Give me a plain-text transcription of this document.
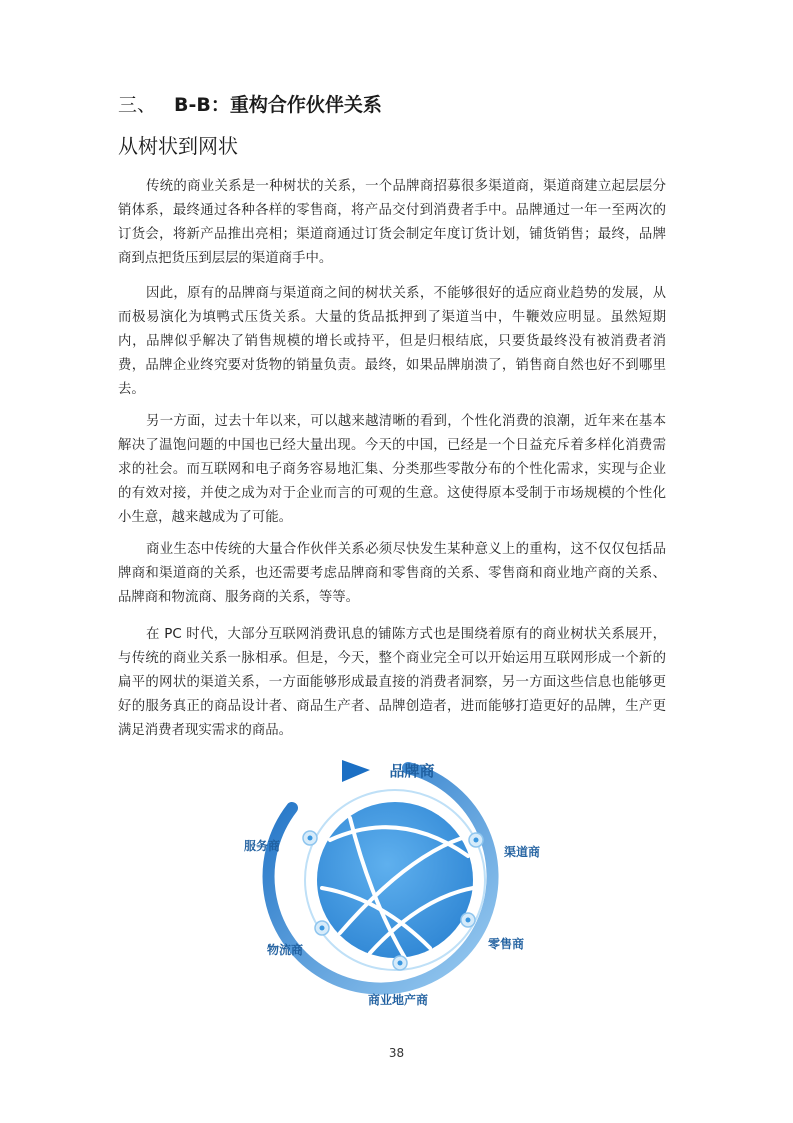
三、 B-B：重构合作伙伴关系
从树状到网状

传统的商业关系是一种树状的关系，一个品牌商招募很多渠道商，渠道商建立起层层分销体系，最终通过各种各样的零售商，将产品交付到消费者手中。品牌通过一年一至两次的订货会，将新产品推出亮相；渠道商通过订货会制定年度订货计划，铺货销售；最终，品牌商到点把货压到层层的渠道商手中。

因此，原有的品牌商与渠道商之间的树状关系，不能够很好的适应商业趋势的发展，从而极易演化为填鸭式压货关系。大量的货品抵押到了渠道当中，牛鞭效应明显。虽然短期内，品牌似乎解决了销售规模的增长或持平，但是归根结底，只要货最终没有被消费者消费，品牌企业终究要对货物的销量负责。最终，如果品牌崩溃了，销售商自然也好不到哪里去。

另一方面，过去十年以来，可以越来越清晰的看到，个性化消费的浪潮，近年来在基本解决了温饱问题的中国也已经大量出现。今天的中国，已经是一个日益充斥着多样化消费需求的社会。而互联网和电子商务容易地汇集、分类那些零散分布的个性化需求，实现与企业的有效对接，并使之成为对于企业而言的可观的生意。这使得原本受制于市场规模的个性化小生意，越来越成为了可能。

商业生态中传统的大量合作伙伴关系必须尽快发生某种意义上的重构，这不仅仅包括品牌商和渠道商的关系，也还需要考虑品牌商和零售商的关系、零售商和商业地产商的关系、品牌商和物流商、服务商的关系，等等。

在 PC 时代，大部分互联网消费讯息的铺陈方式也是围绕着原有的商业树状关系展开，与传统的商业关系一脉相承。但是，今天，整个商业完全可以开始运用互联网形成一个新的扁平的网状的渠道关系，一方面能够形成最直接的消费者洞察，另一方面这些信息也能够更好的服务真正的商品设计者、商品生产者、品牌创造者，进而能够打造更好的品牌，生产更满足消费者现实需求的商品。

品牌商
渠道商
零售商
商业地产商
物流商
服务商
38
